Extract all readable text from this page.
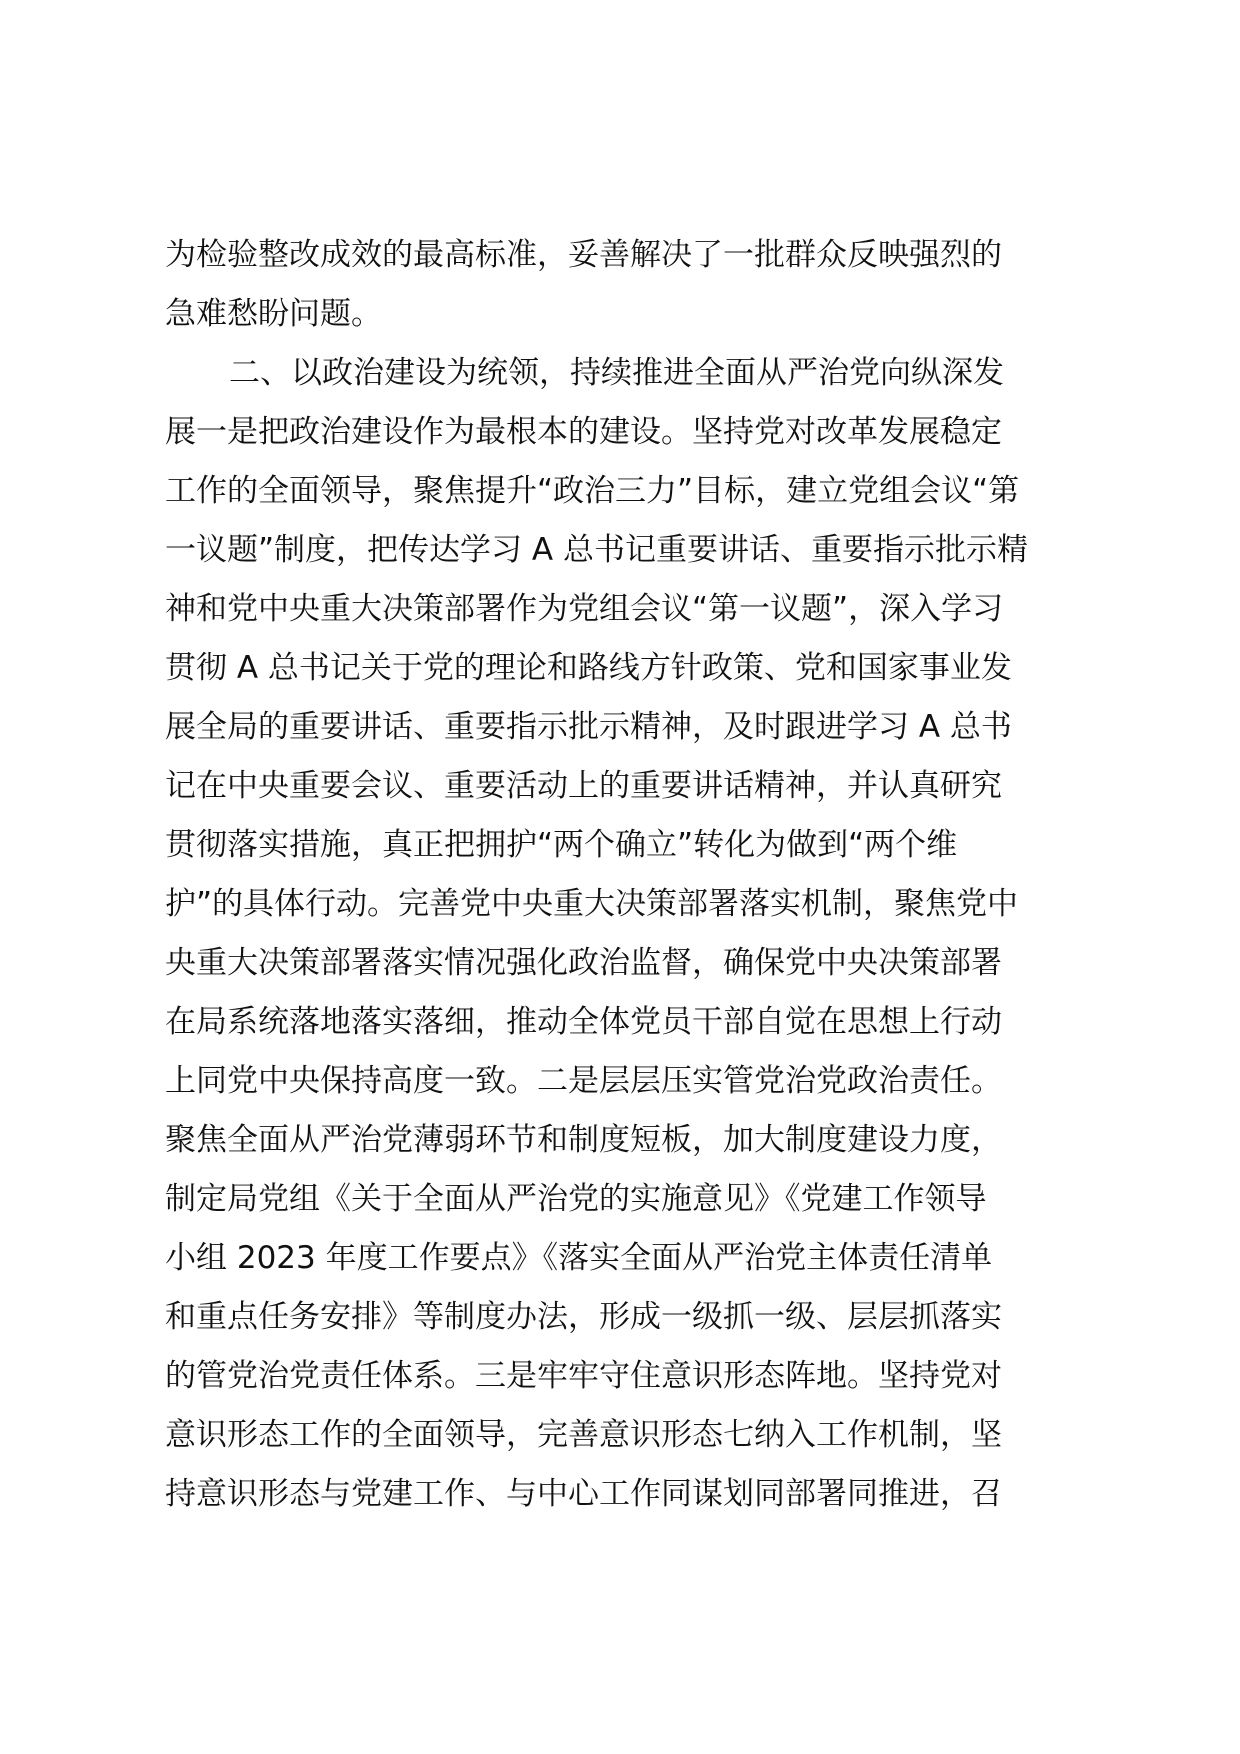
为检验整改成效的最高标准，妥善解决了一批群众反映强烈的
急难愁盼问题。
二、以政治建设为统领，持续推进全面从严治党向纵深发
展一是把政治建设作为最根本的建设。坚持党对改革发展稳定
工作的全面领导，聚焦提升“政治三力”目标，建立党组会议“第
一议题”制度，把传达学习 A 总书记重要讲话、重要指示批示精
神和党中央重大决策部署作为党组会议“第一议题”，深入学习
贯彻 A 总书记关于党的理论和路线方针政策、党和国家事业发
展全局的重要讲话、重要指示批示精神，及时跟进学习 A 总书
记在中央重要会议、重要活动上的重要讲话精神，并认真研究
贯彻落实措施，真正把拥护“两个确立”转化为做到“两个维
护”的具体行动。完善党中央重大决策部署落实机制，聚焦党中
央重大决策部署落实情况强化政治监督，确保党中央决策部署
在局系统落地落实落细，推动全体党员干部自觉在思想上行动
上同党中央保持高度一致。二是层层压实管党治党政治责任。
聚焦全面从严治党薄弱环节和制度短板，加大制度建设力度，
制定局党组《关于全面从严治党的实施意见》《党建工作领导
小组 2023 年度工作要点》《落实全面从严治党主体责任清单
和重点任务安排》等制度办法，形成一级抓一级、层层抓落实
的管党治党责任体系。三是牢牢守住意识形态阵地。坚持党对
意识形态工作的全面领导，完善意识形态七纳入工作机制，坚
持意识形态与党建工作、与中心工作同谋划同部署同推进，召
